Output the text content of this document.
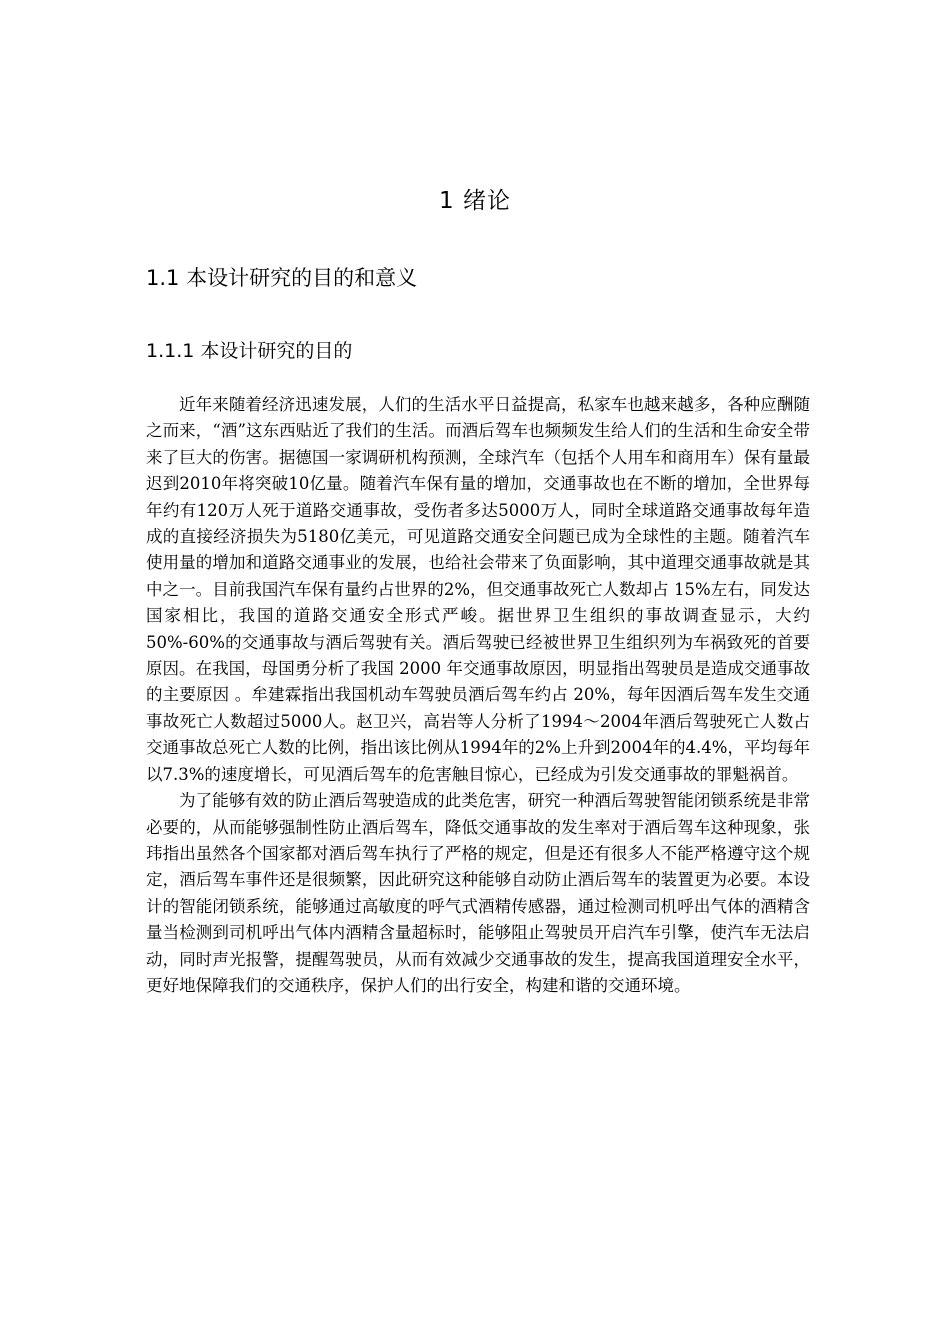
1 绪论
1.1 本设计研究的目的和意义
1.1.1 本设计研究的目的

近年来随着经济迅速发展，人们的生活水平日益提高，私家车也越来越多，各种应酬随之而来，“酒”这东西贴近了我们的生活。而酒后驾车也频频发生给人们的生活和生命安全带来了巨大的伤害。据德国一家调研机构预测，全球汽车（包括个人用车和商用车）保有量最迟到2010年将突破10亿量。随着汽车保有量的增加，交通事故也在不断的增加，全世界每年约有120万人死于道路交通事故，受伤者多达5000万人，同时全球道路交通事故每年造成的直接经济损失为5180亿美元，可见道路交通安全问题已成为全球性的主题。随着汽车使用量的增加和道路交通事业的发展，也给社会带来了负面影响，其中道理交通事故就是其中之一。目前我国汽车保有量约占世界的2%，但交通事故死亡人数却占 15%左右，同发达国家相比，我国的道路交通安全形式严峻。据世界卫生组织的事故调查显示，大约50%-60%的交通事故与酒后驾驶有关。酒后驾驶已经被世界卫生组织列为车祸致死的首要原因。在我国，母国勇分析了我国 2000 年交通事故原因，明显指出驾驶员是造成交通事故的主要原因 。牟建霖指出我国机动车驾驶员酒后驾车约占 20%，每年因酒后驾车发生交通事故死亡人数超过5000人。赵卫兴，高岩等人分析了1994～2004年酒后驾驶死亡人数占交通事故总死亡人数的比例，指出该比例从1994年的2%上升到2004年的4.4%，平均每年以7.3%的速度增长，可见酒后驾车的危害触目惊心，已经成为引发交通事故的罪魁祸首。

为了能够有效的防止酒后驾驶造成的此类危害，研究一种酒后驾驶智能闭锁系统是非常必要的，从而能够强制性防止酒后驾车，降低交通事故的发生率对于酒后驾车这种现象，张玮指出虽然各个国家都对酒后驾车执行了严格的规定，但是还有很多人不能严格遵守这个规定，酒后驾车事件还是很频繁，因此研究这种能够自动防止酒后驾车的装置更为必要。本设计的智能闭锁系统，能够通过高敏度的呼气式酒精传感器，通过检测司机呼出气体的酒精含量当检测到司机呼出气体内酒精含量超标时，能够阻止驾驶员开启汽车引擎，使汽车无法启动，同时声光报警，提醒驾驶员，从而有效减少交通事故的发生，提高我国道理安全水平，更好地保障我们的交通秩序，保护人们的出行安全，构建和谐的交通环境。
